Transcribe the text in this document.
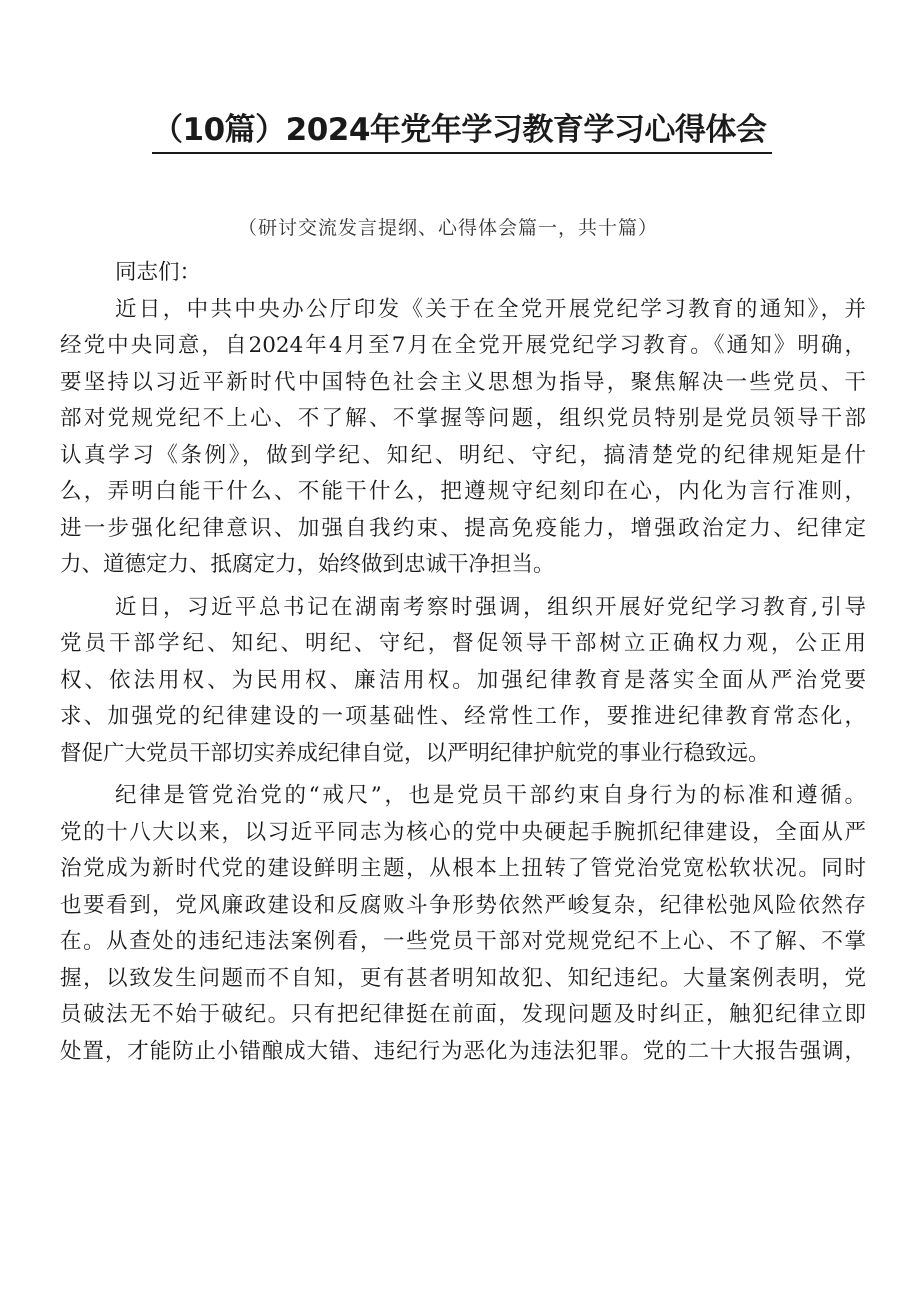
（10篇）2024年党年学习教育学习心得体会
（研讨交流发言提纲、心得体会篇一，共十篇）
同志们：
近日，中共中央办公厅印发《关于在全党开展党纪学习教育的通知》，并
经党中央同意，自2024年4月至7月在全党开展党纪学习教育。《通知》明确，
要坚持以习近平新时代中国特色社会主义思想为指导，聚焦解决一些党员、干
部对党规党纪不上心、不了解、不掌握等问题，组织党员特别是党员领导干部
认真学习《条例》，做到学纪、知纪、明纪、守纪，搞清楚党的纪律规矩是什
么，弄明白能干什么、不能干什么，把遵规守纪刻印在心，内化为言行准则，
进一步强化纪律意识、加强自我约束、提高免疫能力，增强政治定力、纪律定
力、道德定力、抵腐定力，始终做到忠诚干净担当。
近日，习近平总书记在湖南考察时强调，组织开展好党纪学习教育,引导
党员干部学纪、知纪、明纪、守纪，督促领导干部树立正确权力观，公正用
权、依法用权、为民用权、廉洁用权。加强纪律教育是落实全面从严治党要
求、加强党的纪律建设的一项基础性、经常性工作，要推进纪律教育常态化，
督促广大党员干部切实养成纪律自觉，以严明纪律护航党的事业行稳致远。
纪律是管党治党的“戒尺”，也是党员干部约束自身行为的标准和遵循。
党的十八大以来，以习近平同志为核心的党中央硬起手腕抓纪律建设，全面从严
治党成为新时代党的建设鲜明主题，从根本上扭转了管党治党宽松软状况。同时
也要看到，党风廉政建设和反腐败斗争形势依然严峻复杂，纪律松弛风险依然存
在。从查处的违纪违法案例看，一些党员干部对党规党纪不上心、不了解、不掌
握，以致发生问题而不自知，更有甚者明知故犯、知纪违纪。大量案例表明，党
员破法无不始于破纪。只有把纪律挺在前面，发现问题及时纠正，触犯纪律立即
处置，才能防止小错酿成大错、违纪行为恶化为违法犯罪。党的二十大报告强调，
